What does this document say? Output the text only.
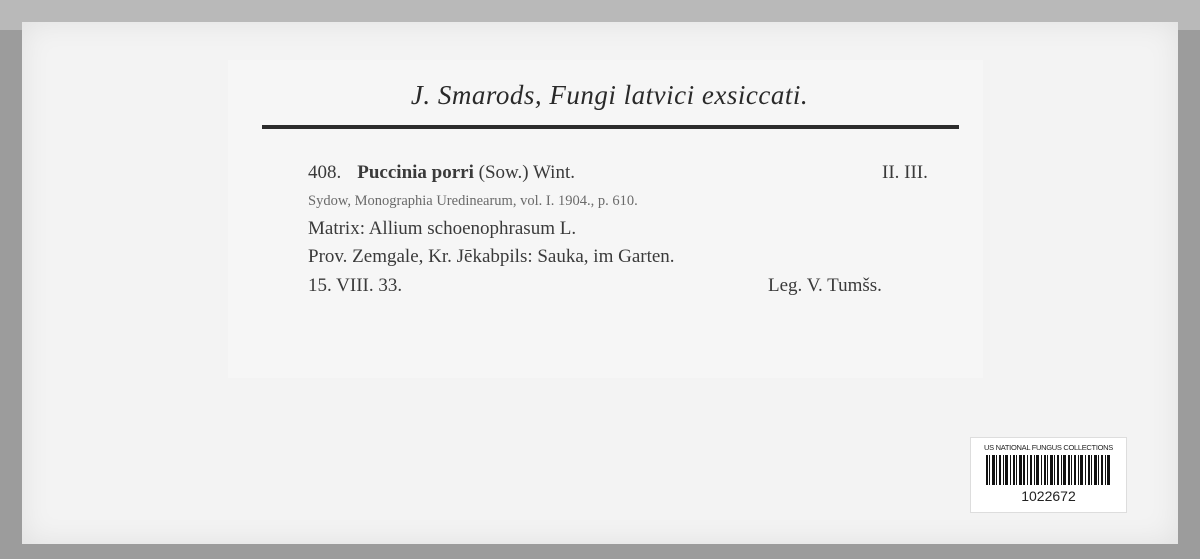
J. Smarods, Fungi latvici exsiccati.
408. Puccinia porri (Sow.) Wint.	II. III.
Sydow, Monographia Uredinearum, vol. I. 1904., p. 610.
Matrix: Allium schoenophrasum L.
Prov. Zemgale, Kr. Jēkabpils: Sauka, im Garten.
15. VIII. 33.	Leg. V. Tumšs.
US NATIONAL FUNGUS COLLECTIONS
1022672
